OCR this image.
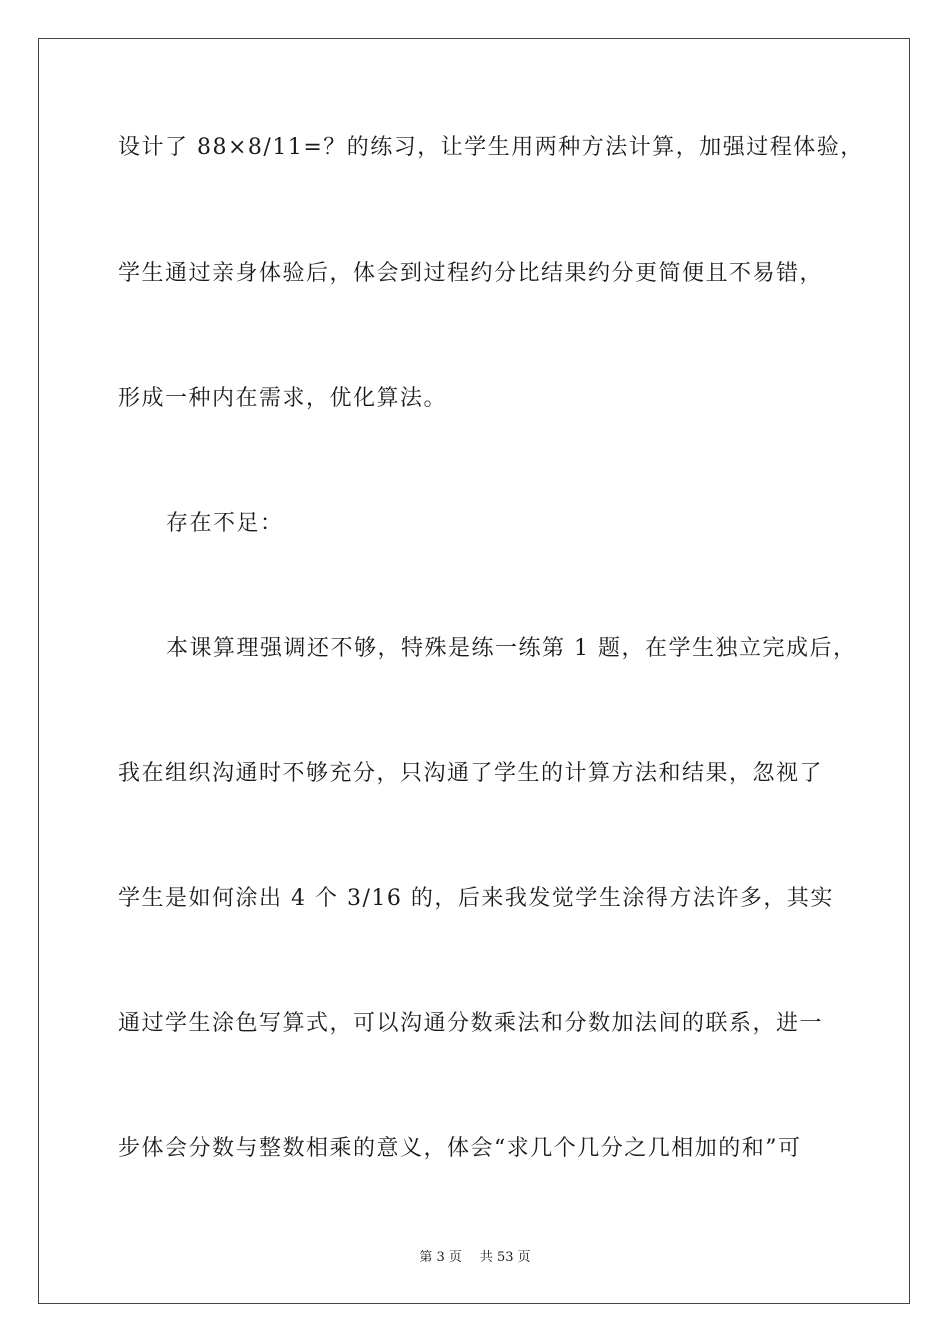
设计了 88×8/11=？的练习，让学生用两种方法计算，加强过程体验，

学生通过亲身体验后，体会到过程约分比结果约分更简便且不易错，

形成一种内在需求，优化算法。

存在不足：

本课算理强调还不够，特殊是练一练第 1 题，在学生独立完成后，

我在组织沟通时不够充分，只沟通了学生的计算方法和结果，忽视了

学生是如何涂出 4 个 3/16 的，后来我发觉学生涂得方法许多，其实

通过学生涂色写算式，可以沟通分数乘法和分数加法间的联系，进一

步体会分数与整数相乘的意义，体会“求几个几分之几相加的和”可

第 3 页 共 53 页
